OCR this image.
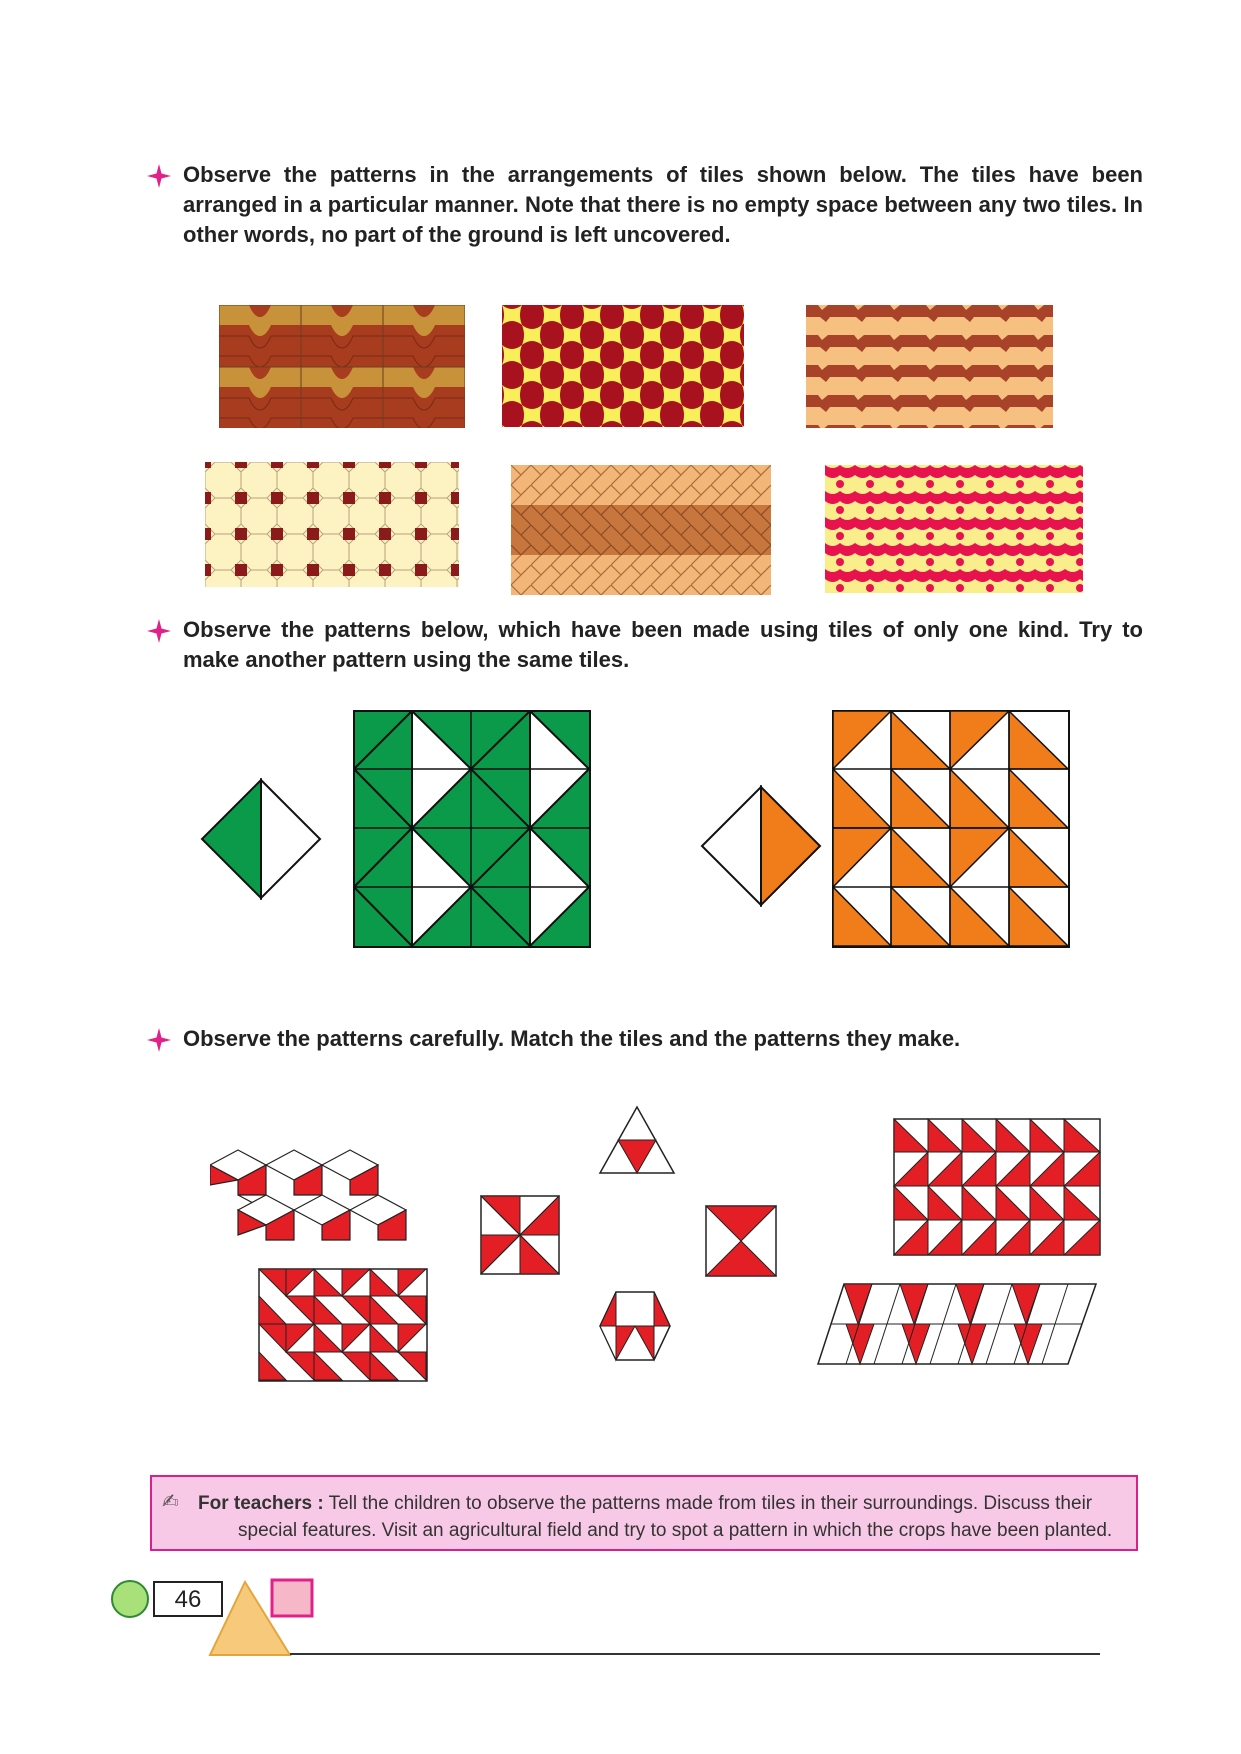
Observe the patterns in the arrangements of tiles shown below. The tiles have been arranged in a particular manner. Note that there is no empty space between any two tiles. In other words, no part of the ground is left uncovered.
Observe the patterns below, which have been made using tiles of only one kind. Try to make another pattern using the same tiles.
Observe the patterns carefully. Match the tiles and the patterns they make.
✍ For teachers : Tell the children to observe the patterns made from tiles in their surroundings. Discuss their
special features. Visit an agricultural field and try to spot a pattern in which the crops have been planted.
46
